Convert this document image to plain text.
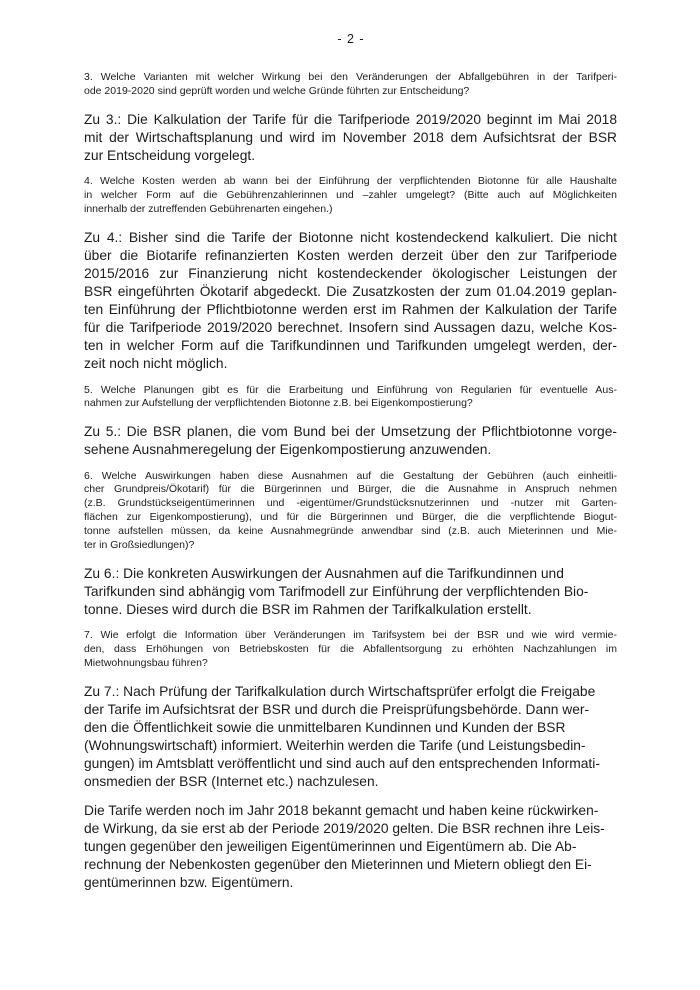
- 2 -

3. Welche Varianten mit welcher Wirkung bei den Veränderungen der Abfallgebühren in der Tarifperi-
ode 2019-2020 sind geprüft worden und welche Gründe führten zur Entscheidung?

Zu 3.: Die Kalkulation der Tarife für die Tarifperiode 2019/2020 beginnt im Mai 2018
mit der Wirtschaftsplanung und wird im November 2018 dem Aufsichtsrat der BSR
zur Entscheidung vorgelegt.

4. Welche Kosten werden ab wann bei der Einführung der verpflichtenden Biotonne für alle Haushalte
in welcher Form auf die Gebührenzahlerinnen und –zahler umgelegt? (Bitte auch auf Möglichkeiten
innerhalb der zutreffenden Gebührenarten eingehen.)

Zu 4.: Bisher sind die Tarife der Biotonne nicht kostendeckend kalkuliert. Die nicht
über die Biotarife refinanzierten Kosten werden derzeit über den zur Tarifperiode
2015/2016 zur Finanzierung nicht kostendeckender ökologischer Leistungen der
BSR eingeführten Ökotarif abgedeckt. Die Zusatzkosten der zum 01.04.2019 geplan-
ten Einführung der Pflichtbiotonne werden erst im Rahmen der Kalkulation der Tarife
für die Tarifperiode 2019/2020 berechnet. Insofern sind Aussagen dazu, welche Kos-
ten in welcher Form auf die Tarifkundinnen und Tarifkunden umgelegt werden, der-
zeit noch nicht möglich.

5. Welche Planungen gibt es für die Erarbeitung und Einführung von Regularien für eventuelle Aus-
nahmen zur Aufstellung der verpflichtenden Biotonne z.B. bei Eigenkompostierung?

Zu 5.: Die BSR planen, die vom Bund bei der Umsetzung der Pflichtbiotonne vorge-
sehene Ausnahmeregelung der Eigenkompostierung anzuwenden.

6. Welche Auswirkungen haben diese Ausnahmen auf die Gestaltung der Gebühren (auch einheitli-
cher Grundpreis/Ökotarif) für die Bürgerinnen und Bürger, die die Ausnahme in Anspruch nehmen
(z.B. Grundstückseigentümerinnen und -eigentümer/Grundstücksnutzerinnen und -nutzer mit Garten-
flächen zur Eigenkompostierung), und für die Bürgerinnen und Bürger, die die verpflichtende Biogut-
tonne aufstellen müssen, da keine Ausnahmegründe anwendbar sind (z.B. auch Mieterinnen und Mie-
ter in Großsiedlungen)?

Zu 6.: Die konkreten Auswirkungen der Ausnahmen auf die Tarifkundinnen und
Tarifkunden sind abhängig vom Tarifmodell zur Einführung der verpflichtenden Bio-
tonne. Dieses wird durch die BSR im Rahmen der Tarifkalkulation erstellt.

7. Wie erfolgt die Information über Veränderungen im Tarifsystem bei der BSR und wie wird vermie-
den, dass Erhöhungen von Betriebskosten für die Abfallentsorgung zu erhöhten Nachzahlungen im
Mietwohnungsbau führen?

Zu 7.: Nach Prüfung der Tarifkalkulation durch Wirtschaftsprüfer erfolgt die Freigabe
der Tarife im Aufsichtsrat der BSR und durch die Preisprüfungsbehörde. Dann wer-
den die Öffentlichkeit sowie die unmittelbaren Kundinnen und Kunden der BSR
(Wohnungswirtschaft) informiert. Weiterhin werden die Tarife (und Leistungsbedin-
gungen) im Amtsblatt veröffentlicht und sind auch auf den entsprechenden Informati-
onsmedien der BSR (Internet etc.) nachzulesen.

Die Tarife werden noch im Jahr 2018 bekannt gemacht und haben keine rückwirken-
de Wirkung, da sie erst ab der Periode 2019/2020 gelten. Die BSR rechnen ihre Leis-
tungen gegenüber den jeweiligen Eigentümerinnen und Eigentümern ab. Die Ab-
rechnung der Nebenkosten gegenüber den Mieterinnen und Mietern obliegt den Ei-
gentümerinnen bzw. Eigentümern.
